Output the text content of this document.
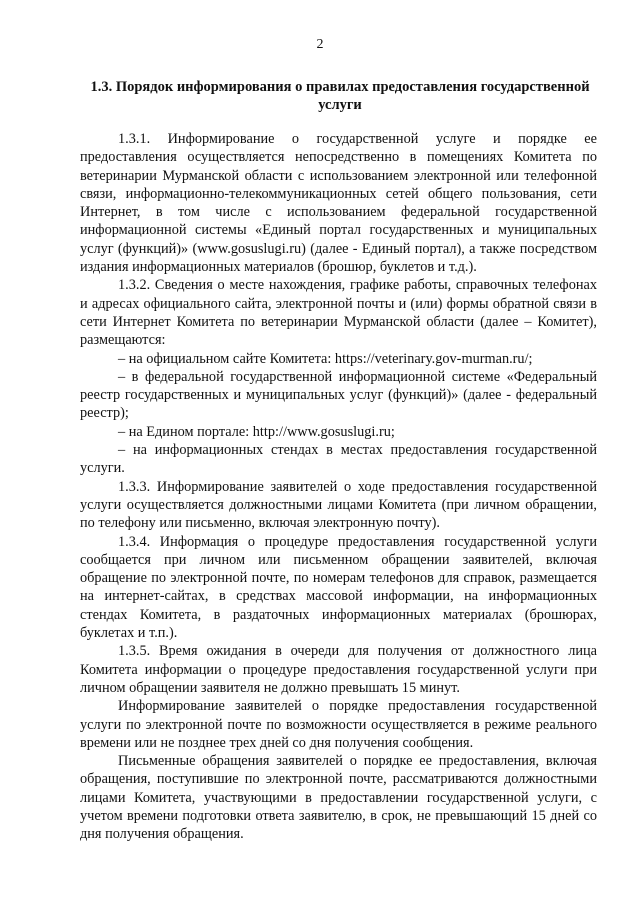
2
1.3. Порядок информирования о правилах предоставления государственной услуги

1.3.1. Информирование о государственной услуге и порядке ее предоставления осуществляется непосредственно в помещениях Комитета по ветеринарии Мурманской области с использованием электронной или телефонной связи, информационно-телекоммуникационных сетей общего пользования, сети Интернет, в том числе с использованием федеральной государственной информационной системы «Единый портал государственных и муниципальных услуг (функций)» (www.gosuslugi.ru) (далее - Единый портал), а также посредством издания информационных материалов (брошюр, буклетов и т.д.).

1.3.2. Сведения о месте нахождения, графике работы, справочных телефонах и адресах официального сайта, электронной почты и (или) формы обратной связи в сети Интернет Комитета по ветеринарии Мурманской области (далее – Комитет), размещаются:

– на официальном сайте Комитета: https://veterinary.gov-murman.ru/;

– в федеральной государственной информационной системе «Федеральный реестр государственных и муниципальных услуг (функций)» (далее - федеральный реестр);

– на Едином портале: http://www.gosuslugi.ru;

– на информационных стендах в местах предоставления государственной услуги.

1.3.3. Информирование заявителей о ходе предоставления государственной услуги осуществляется должностными лицами Комитета (при личном обращении, по телефону или письменно, включая электронную почту).

1.3.4. Информация о процедуре предоставления государственной услуги сообщается при личном или письменном обращении заявителей, включая обращение по электронной почте, по номерам телефонов для справок, размещается на интернет-сайтах, в средствах массовой информации, на информационных стендах Комитета, в раздаточных информационных материалах (брошюрах, буклетах и т.п.).

1.3.5. Время ожидания в очереди для получения от должностного лица Комитета информации о процедуре предоставления государственной услуги при личном обращении заявителя не должно превышать 15 минут.

Информирование заявителей о порядке предоставления государственной услуги по электронной почте по возможности осуществляется в режиме реального времени или не позднее трех дней со дня получения сообщения.

Письменные обращения заявителей о порядке ее предоставления, включая обращения, поступившие по электронной почте, рассматриваются должностными лицами Комитета, участвующими в предоставлении государственной услуги, с учетом времени подготовки ответа заявителю, в срок, не превышающий 15 дней со дня получения обращения.
